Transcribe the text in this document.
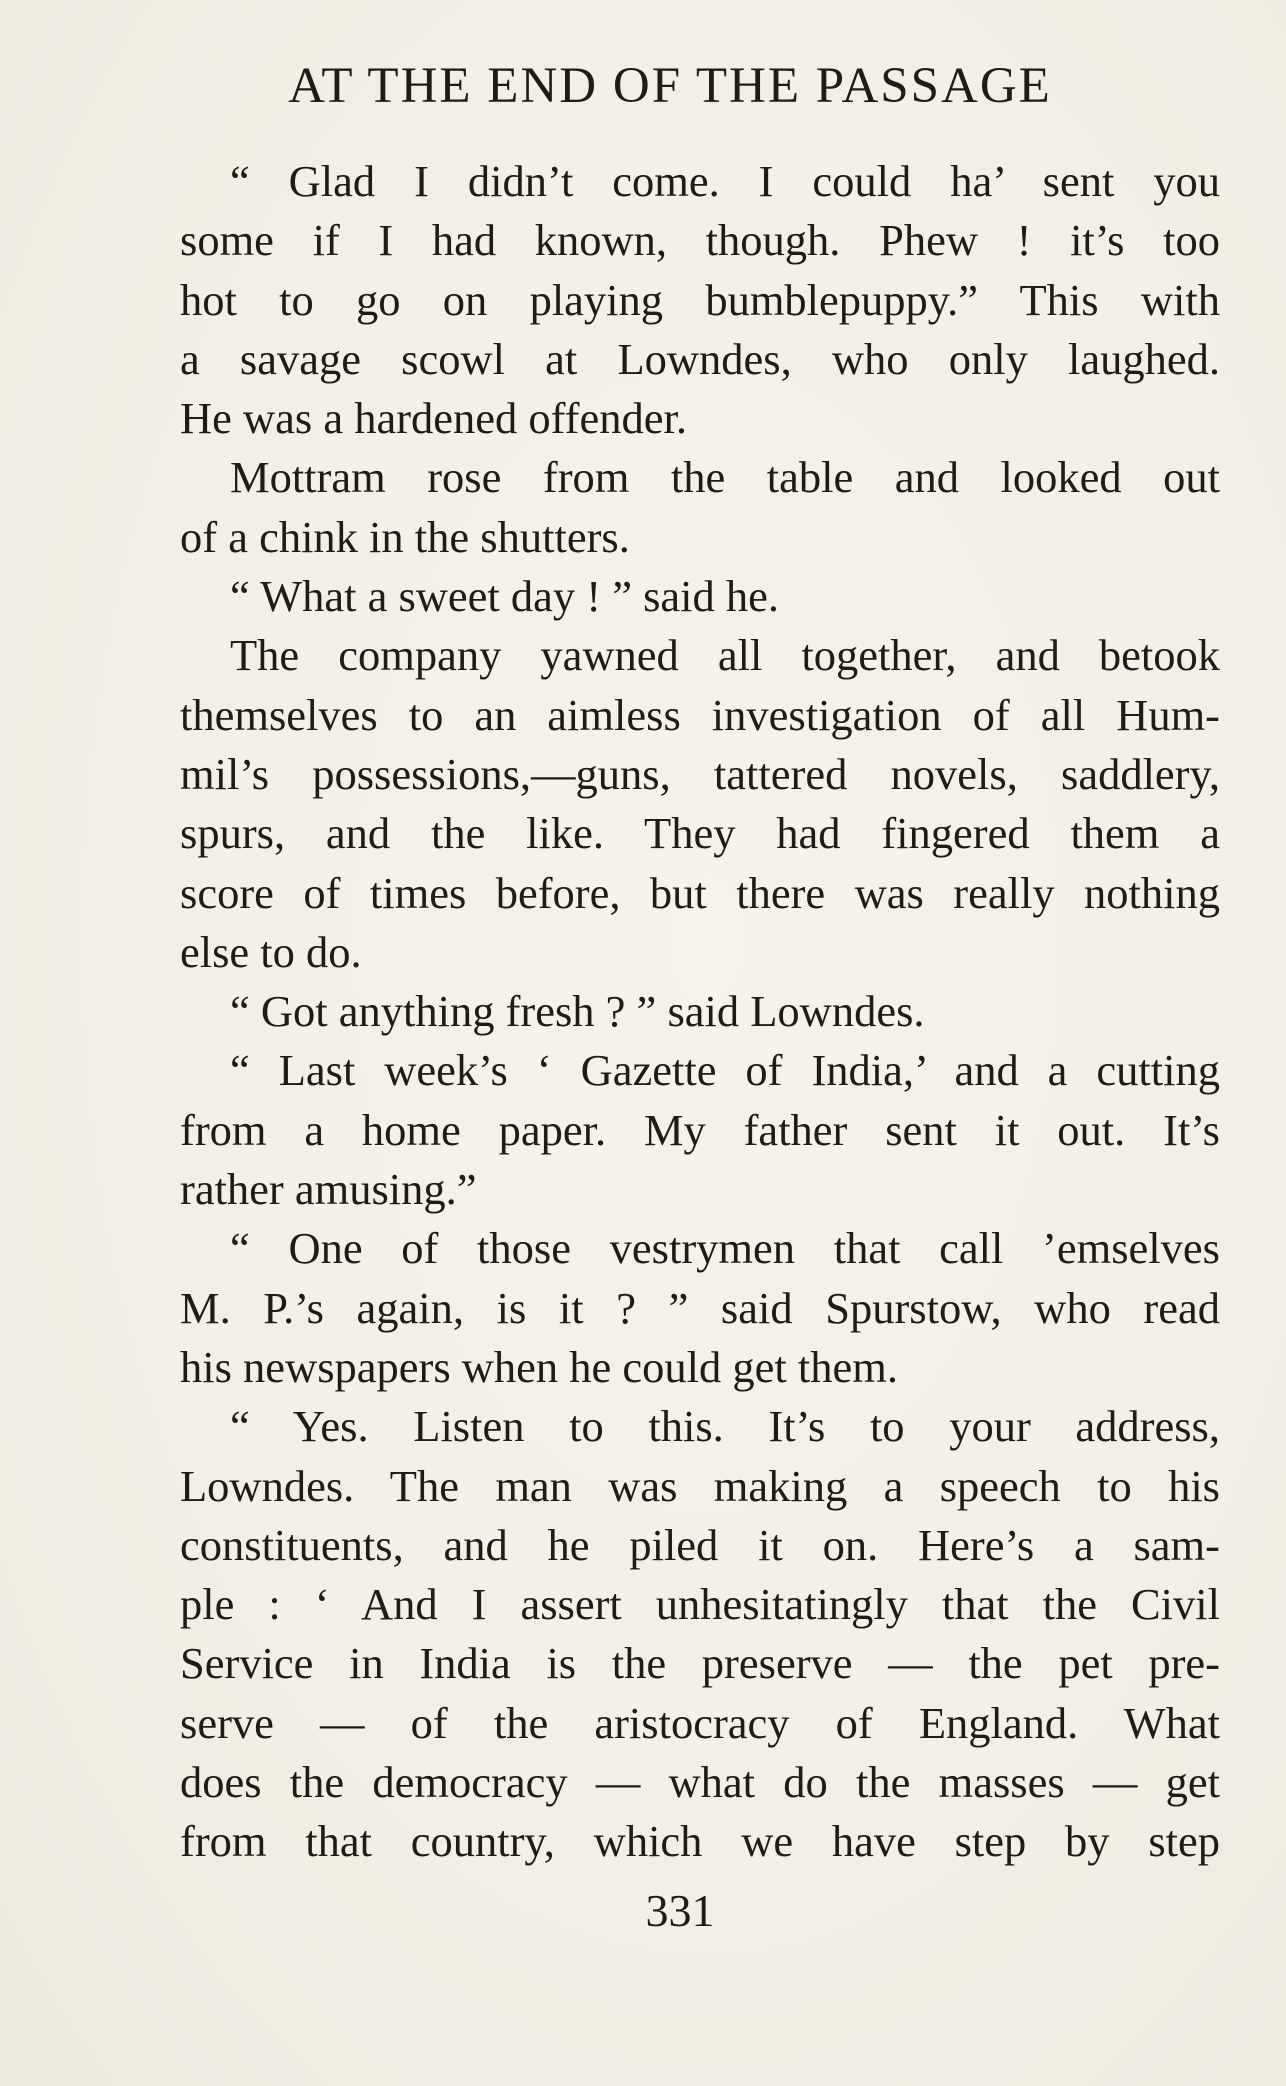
AT THE END OF THE PASSAGE
“ Glad I didn’t come. I could ha’ sent you
some if I had known, though. Phew ! it’s too
hot to go on playing bumblepuppy.” This with
a savage scowl at Lowndes, who only laughed.
He was a hardened offender.
Mottram rose from the table and looked out
of a chink in the shutters.
“ What a sweet day ! ” said he.
The company yawned all together, and betook
themselves to an aimless investigation of all Hum-
mil’s possessions,—guns, tattered novels, saddlery,
spurs, and the like. They had fingered them a
score of times before, but there was really nothing
else to do.
“ Got anything fresh ? ” said Lowndes.
“ Last week’s ‘ Gazette of India,’ and a cutting
from a home paper. My father sent it out. It’s
rather amusing.”
“ One of those vestrymen that call ’emselves
M. P.’s again, is it ? ” said Spurstow, who read
his newspapers when he could get them.
“ Yes. Listen to this. It’s to your address,
Lowndes. The man was making a speech to his
constituents, and he piled it on. Here’s a sam-
ple : ‘ And I assert unhesitatingly that the Civil
Service in India is the preserve — the pet pre-
serve — of the aristocracy of England. What
does the democracy — what do the masses — get
from that country, which we have step by step
331
